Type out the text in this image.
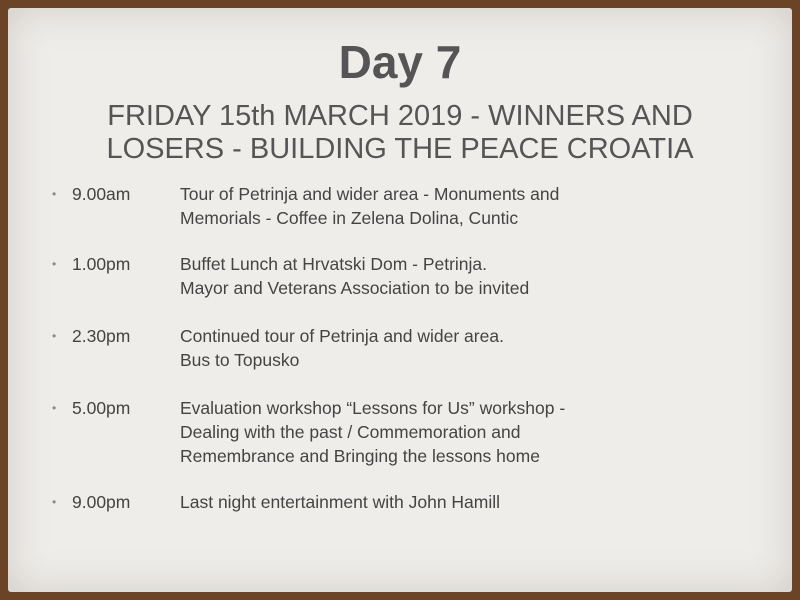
Day 7
FRIDAY 15th MARCH 2019 - WINNERS AND
LOSERS - BUILDING THE PEACE CROATIA
• 9.00am	Tour of Petrinja and wider area - Monuments and
Memorials - Coffee in Zelena Dolina, Cuntic
• 1.00pm	Buffet Lunch at Hrvatski Dom - Petrinja.
Mayor and Veterans Association to be invited
• 2.30pm	Continued tour of Petrinja and wider area.
Bus to Topusko
• 5.00pm	Evaluation workshop “Lessons for Us” workshop -
Dealing with the past / Commemoration and
Remembrance and Bringing the lessons home
• 9.00pm	Last night entertainment with John Hamill
